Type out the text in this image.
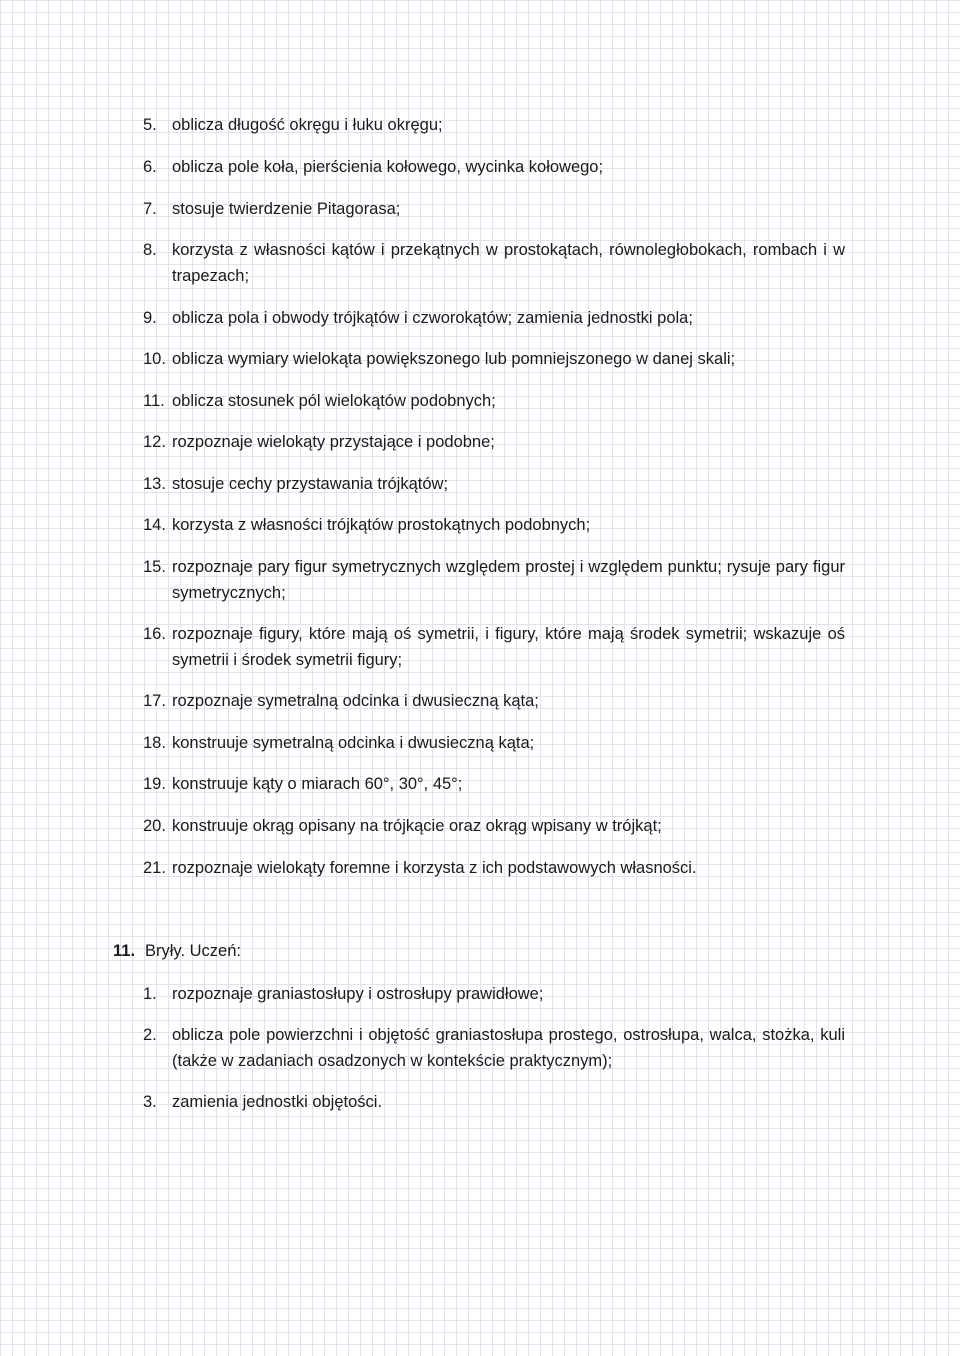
5. oblicza długość okręgu i łuku okręgu;
6. oblicza pole koła, pierścienia kołowego, wycinka kołowego;
7. stosuje twierdzenie Pitagorasa;
8. korzysta z własności kątów i przekątnych w prostokątach, równoległobokach, rombach i w trapezach;
9. oblicza pola i obwody trójkątów i czworokątów; zamienia jednostki pola;
10. oblicza wymiary wielokąta powiększonego lub pomniejszonego w danej skali;
11. oblicza stosunek pól wielokątów podobnych;
12. rozpoznaje wielokąty przystające i podobne;
13. stosuje cechy przystawania trójkątów;
14. korzysta z własności trójkątów prostokątnych podobnych;
15. rozpoznaje pary figur symetrycznych względem prostej i względem punktu; rysuje pary figur symetrycznych;
16. rozpoznaje figury, które mają oś symetrii, i figury, które mają środek symetrii; wskazuje oś symetrii i środek symetrii figury;
17. rozpoznaje symetralną odcinka i dwusieczną kąta;
18. konstruuje symetralną odcinka i dwusieczną kąta;
19. konstruuje kąty o miarach 60°, 30°, 45°;
20. konstruuje okrąg opisany na trójkącie oraz okrąg wpisany w trójkąt;
21. rozpoznaje wielokąty foremne i korzysta z ich podstawowych własności.
11. Bryły. Uczeń:
1. rozpoznaje graniastosłupy i ostrosłupy prawidłowe;
2. oblicza pole powierzchni i objętość graniastosłupa prostego, ostrosłupa, walca, stożka, kuli (także w zadaniach osadzonych w kontekście praktycznym);
3. zamienia jednostki objętości.
